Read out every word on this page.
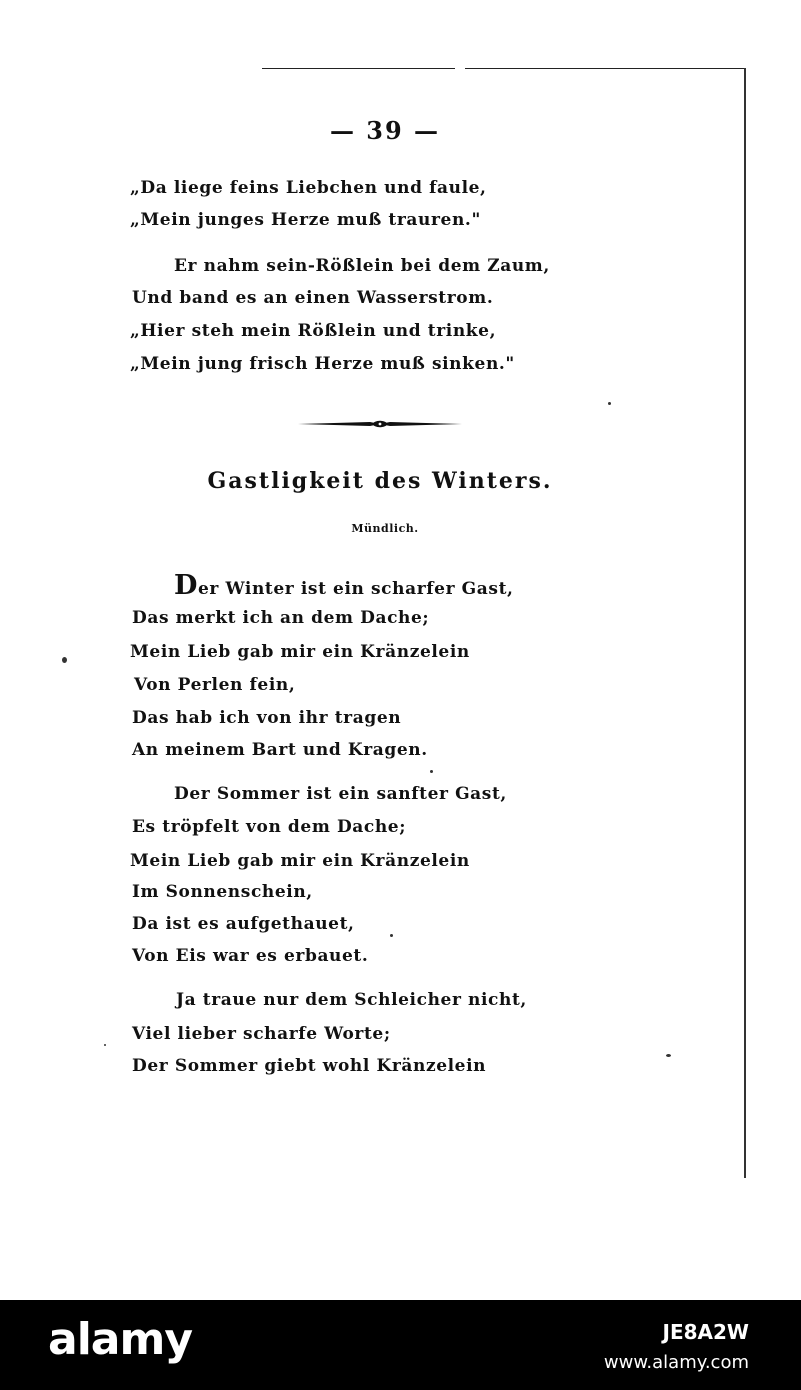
— 39 —
„Da liege feins Liebchen und faule,
„Mein junges Herze muß trauren."
Er nahm sein-Rößlein bei dem Zaum,
Und band es an einen Wasserstrom.
„Hier steh mein Rößlein und trinke,
„Mein jung frisch Herze muß sinken."
Gastligkeit des Winters.
Mündlich.
Der Winter ist ein scharfer Gast,
Das merkt ich an dem Dache;
Mein Lieb gab mir ein Kränzelein
Von Perlen fein,
Das hab ich von ihr tragen
An meinem Bart und Kragen.
Der Sommer ist ein sanfter Gast,
Es tröpfelt von dem Dache;
Mein Lieb gab mir ein Kränzelein
Im Sonnenschein,
Da ist es aufgethauet,
Von Eis war es erbauet.
Ja traue nur dem Schleicher nicht,
Viel lieber scharfe Worte;
Der Sommer giebt wohl Kränzelein
alamy	JE8A2W
www.alamy.com
